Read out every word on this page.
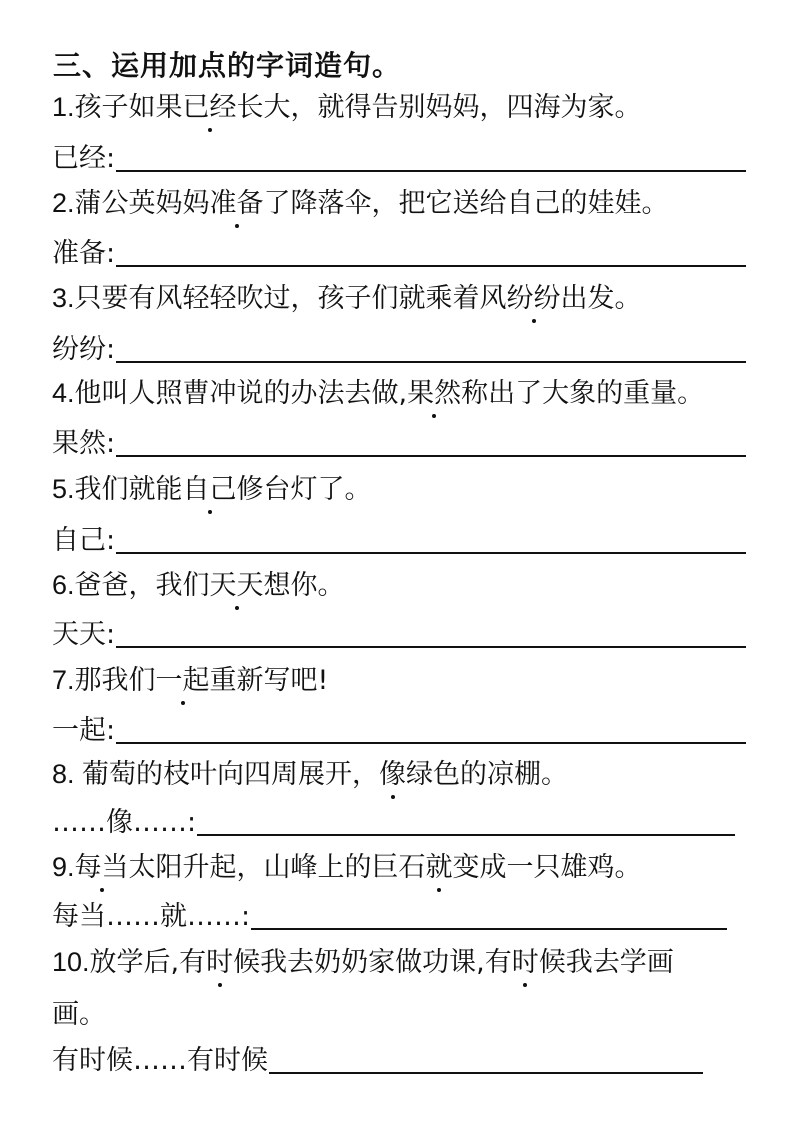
三、运用加点的字词造句。
1.孩子如果已经长大，就得告别妈妈，四海为家。
已经:
2.蒲公英妈妈准备了降落伞，把它送给自己的娃娃。
准备:
3.只要有风轻轻吹过，孩子们就乘着风纷纷出发。
纷纷:
4.他叫人照曹冲说的办法去做,果然称出了大象的重量。
果然:
5.我们就能自己修台灯了。
自己:
6.爸爸，我们天天想你。
天天:
7.那我们一起重新写吧!
一起:
8. 葡萄的枝叶向四周展开，像绿色的凉棚。
……像……:
9.每当太阳升起，山峰上的巨石就变成一只雄鸡。
每当……就……:
10.放学后,有时候我去奶奶家做功课,有时候我去学画
画。
有时候……有时候
